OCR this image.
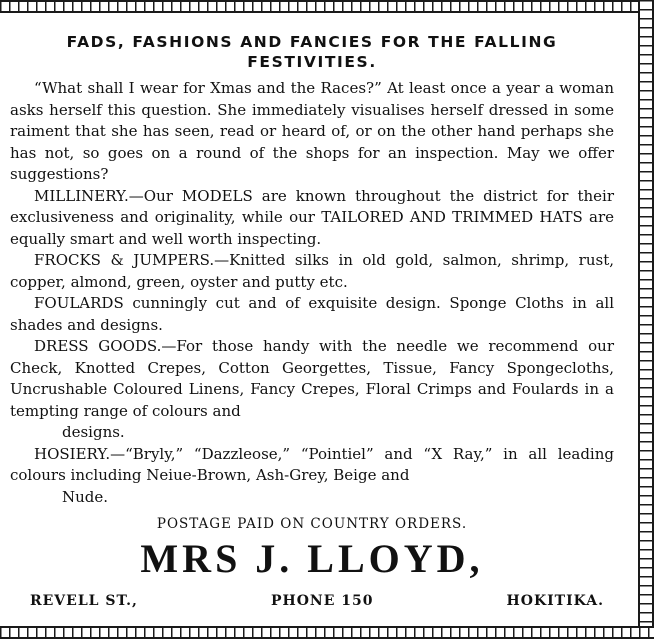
FADS, FASHIONS AND FANCIES FOR THE FALLING FESTIVITIES.

“What shall I wear for Xmas and the Races?” At least once a year a woman asks herself this question. She immediately visualises herself dressed in some raiment that she has seen, read or heard of, or on the other hand perhaps she has not, so goes on a round of the shops for an inspection. May we offer suggestions?

MILLINERY.—Our MODELS are known throughout the district for their exclusiveness and originality, while our TAILORED AND TRIMMED HATS are equally smart and well worth inspecting.

FROCKS & JUMPERS.—Knitted silks in old gold, salmon, shrimp, rust, copper, almond, green, oyster and putty etc.

FOULARDS cunningly cut and of exquisite design. Sponge Cloths in all shades and designs.

DRESS GOODS.—For those handy with the needle we recommend our Check, Knotted Crepes, Cotton Georgettes, Tissue, Fancy Spongecloths, Uncrushable Coloured Linens, Fancy Crepes, Floral Crimps and Foulards in a tempting range of colours and

designs.

HOSIERY.—“Bryly,” “Dazzleose,” “Pointiel” and “X Ray,” in all leading colours including Neiue-Brown, Ash-Grey, Beige and

Nude.

POSTAGE PAID ON COUNTRY ORDERS.
MRS J. LLOYD,
REVELL ST.,	PHONE 150	HOKITIKA.
